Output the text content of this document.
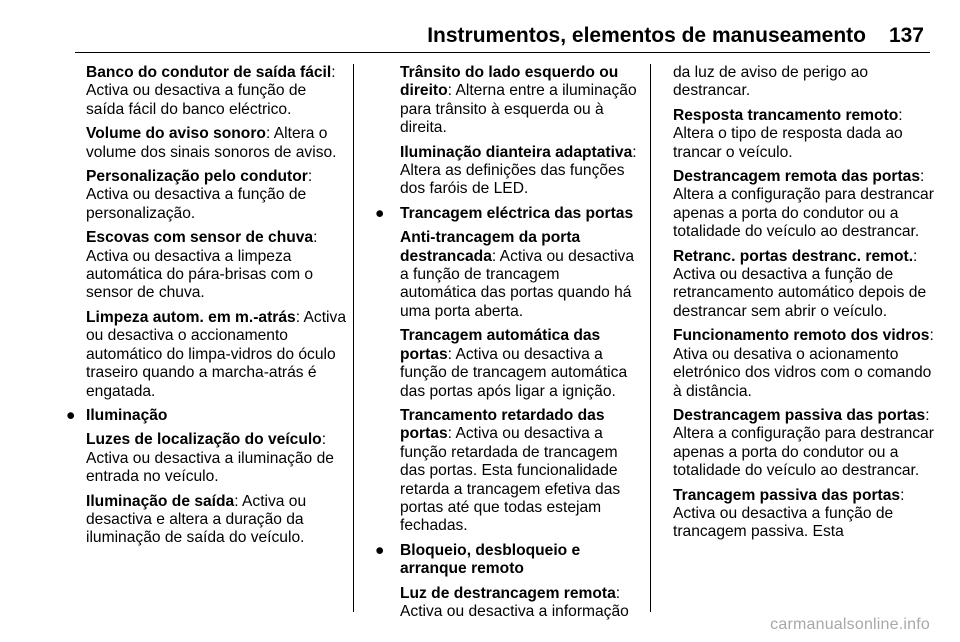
Instrumentos, elementos de manuseamento 137

Banco do condutor de saída fácil: Activa ou desactiva a função de saída fácil do banco eléctrico.

Volume do aviso sonoro: Altera o volume dos sinais sonoros de aviso.

Personalização pelo condutor: Activa ou desactiva a função de personalização.

Escovas com sensor de chuva: Activa ou desactiva a limpeza automática do pára-brisas com o sensor de chuva.

Limpeza autom. em m.-atrás: Activa ou desactiva o accionamento automático do limpa-vidros do óculo traseiro quando a marcha-atrás é engatada.

● Iluminação

Luzes de localização do veículo: Activa ou desactiva a iluminação de entrada no veículo.

Iluminação de saída: Activa ou desactiva e altera a duração da iluminação de saída do veículo.

Trânsito do lado esquerdo ou direito: Alterna entre a iluminação para trânsito à esquerda ou à direita.

Iluminação dianteira adaptativa: Altera as definições das funções dos faróis de LED.

● Trancagem eléctrica das portas

Anti-trancagem da porta destrancada: Activa ou desactiva a função de trancagem automática das portas quando há uma porta aberta.

Trancagem automática das portas: Activa ou desactiva a função de trancagem automática das portas após ligar a ignição.

Trancamento retardado das portas: Activa ou desactiva a função retardada de trancagem das portas. Esta funcionalidade retarda a trancagem efetiva das portas até que todas estejam fechadas.

● Bloqueio, desbloqueio e arranque remoto

Luz de destrancagem remota: Activa ou desactiva a informação

da luz de aviso de perigo ao destrancar.

Resposta trancamento remoto: Altera o tipo de resposta dada ao trancar o veículo.

Destrancagem remota das portas: Altera a configuração para destrancar apenas a porta do condutor ou a totalidade do veículo ao destrancar.

Retranc. portas destranc. remot.: Activa ou desactiva a função de retrancamento automático depois de destrancar sem abrir o veículo.

Funcionamento remoto dos vidros: Ativa ou desativa o acionamento eletrónico dos vidros com o comando à distância.

Destrancagem passiva das portas: Altera a configuração para destrancar apenas a porta do condutor ou a totalidade do veículo ao destrancar.

Trancagem passiva das portas: Activa ou desactiva a função de trancagem passiva. Esta

carmanualsonline.info
